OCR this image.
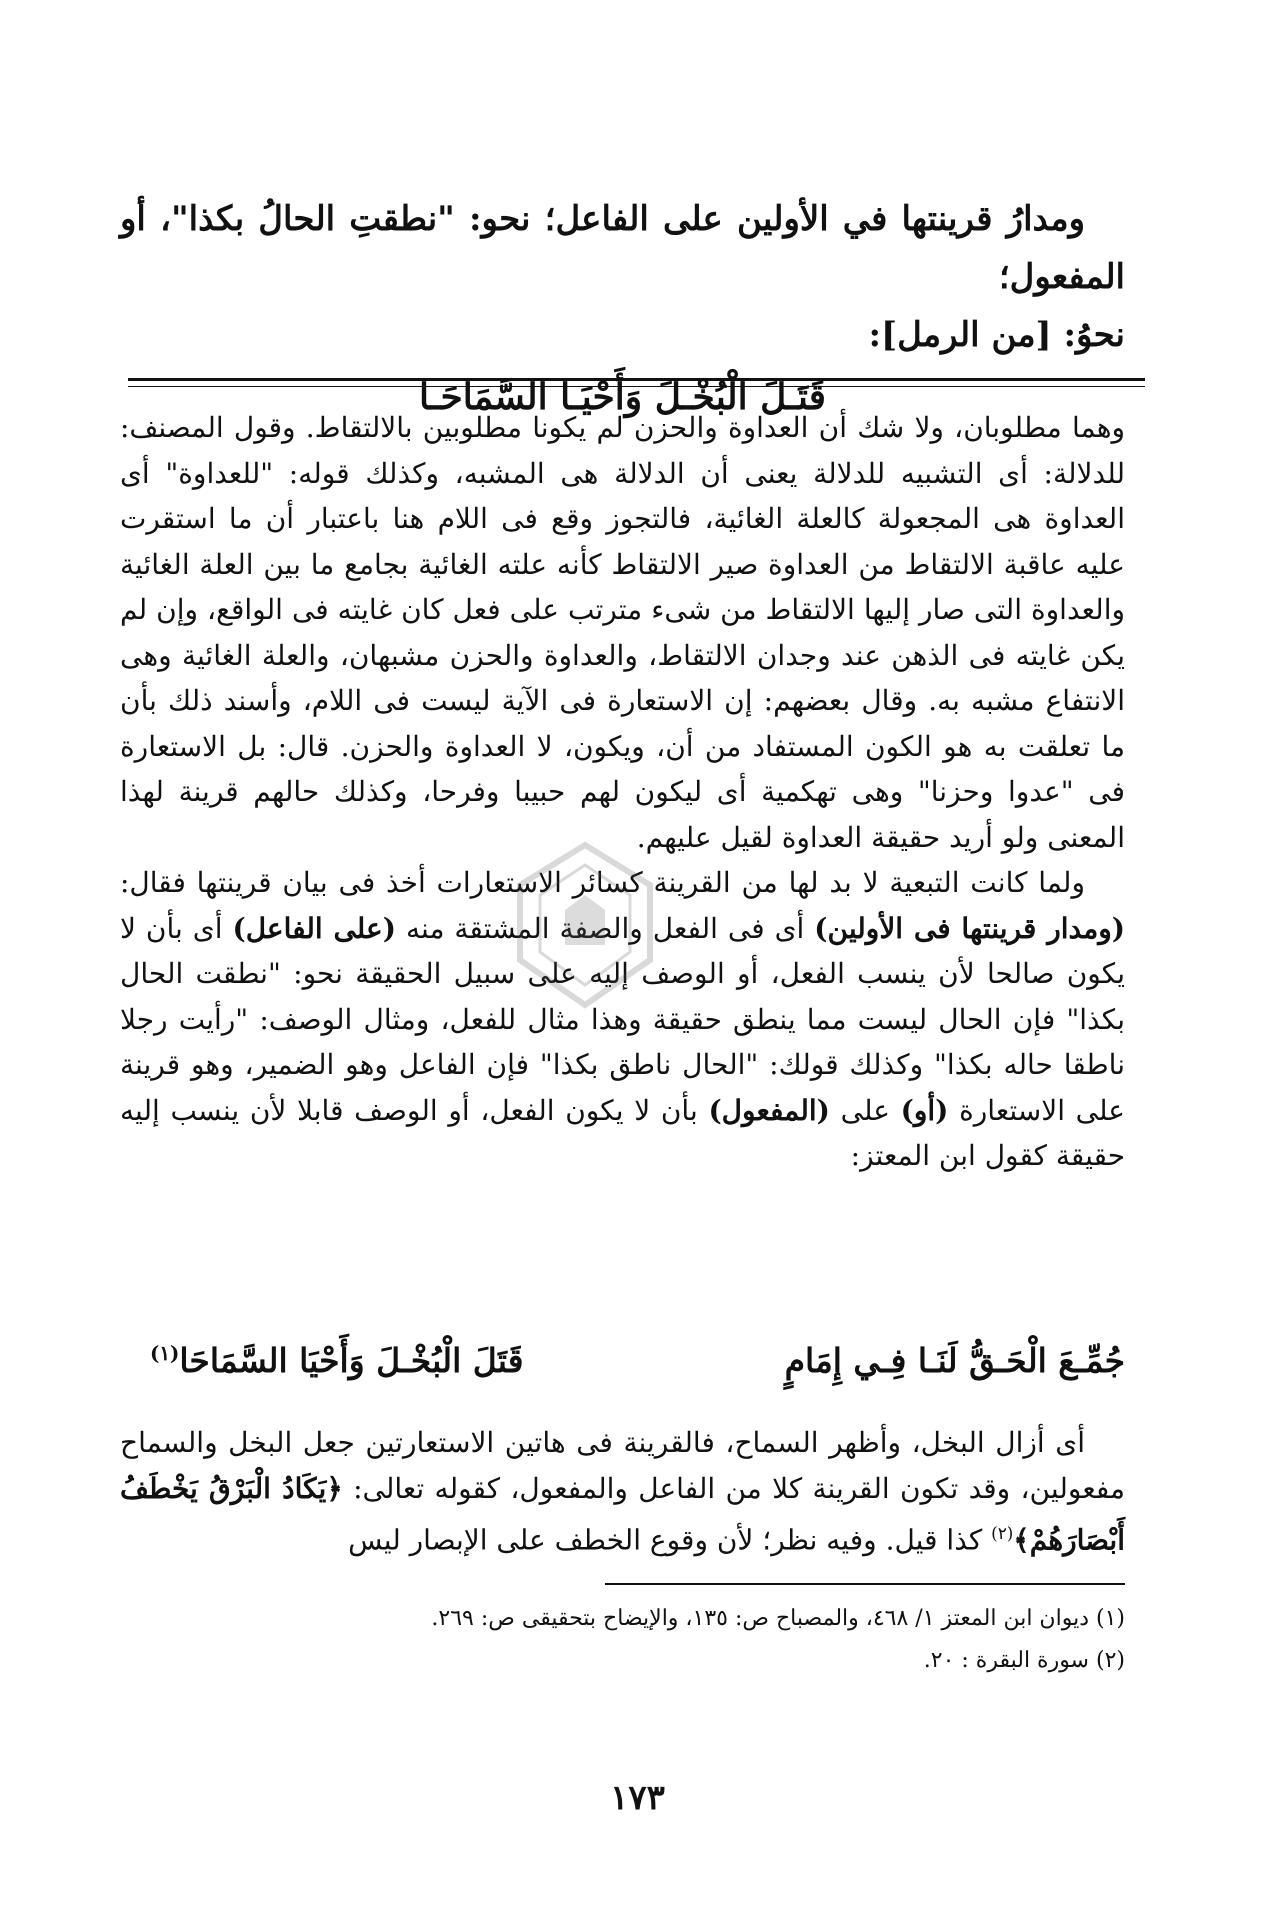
ومدارُ قرينتها في الأولين على الفاعل؛ نحو: "نطقتِ الحالُ بكذا"، أو المفعول؛

نحوُ: [من الرمل]:

قَتَـلَ الْبُخْـلَ وَأَحْيَـا السَّمَاحَـا

وهما مطلوبان، ولا شك أن العداوة والحزن لم يكونا مطلوبين بالالتقاط. وقول المصنف: للدلالة: أى التشبيه للدلالة يعنى أن الدلالة هى المشبه، وكذلك قوله: "للعداوة" أى العداوة هى المجعولة كالعلة الغائية، فالتجوز وقع فى اللام هنا باعتبار أن ما استقرت عليه عاقبة الالتقاط من العداوة صير الالتقاط كأنه علته الغائية بجامع ما بين العلة الغائية والعداوة التى صار إليها الالتقاط من شىء مترتب على فعل كان غايته فى الواقع، وإن لم يكن غايته فى الذهن عند وجدان الالتقاط، والعداوة والحزن مشبهان، والعلة الغائية وهى الانتفاع مشبه به. وقال بعضهم: إن الاستعارة فى الآية ليست فى اللام، وأسند ذلك بأن ما تعلقت به هو الكون المستفاد من أن، ويكون، لا العداوة والحزن. قال: بل الاستعارة فى "عدوا وحزنا" وهى تهكمية أى ليكون لهم حبيبا وفرحا، وكذلك حالهم قرينة لهذا المعنى ولو أريد حقيقة العداوة لقيل عليهم.

ولما كانت التبعية لا بد لها من القرينة كسائر الاستعارات أخذ فى بيان قرينتها فقال: (ومدار قرينتها فى الأولين) أى فى الفعل والصفة المشتقة منه (على الفاعل) أى بأن لا يكون صالحا لأن ينسب الفعل، أو الوصف إليه على سبيل الحقيقة نحو: "نطقت الحال بكذا" فإن الحال ليست مما ينطق حقيقة وهذا مثال للفعل، ومثال الوصف: "رأيت رجلا ناطقا حاله بكذا" وكذلك قولك: "الحال ناطق بكذا" فإن الفاعل وهو الضمير، وهو قرينة على الاستعارة (أو) على (المفعول) بأن لا يكون الفعل، أو الوصف قابلا لأن ينسب إليه حقيقة كقول ابن المعتز:

جُمِّـعَ الْحَـقُّ لَنَـا فِـي إِمَامٍ
قَتَلَ الْبُخْـلَ وَأَحْيَا السَّمَاحَا$^{(١)}$

أى أزال البخل، وأظهر السماح، فالقرينة فى هاتين الاستعارتين جعل البخل والسماح مفعولين، وقد تكون القرينة كلا من الفاعل والمفعول، كقوله تعالى: ﴿يَكَادُ الْبَرْقُ يَخْطَفُ أَبْصَارَهُمْ﴾$^{(٢)}$ كذا قيل. وفيه نظر؛ لأن وقوع الخطف على الإبصار ليس

(١) ديوان ابن المعتز ١/ ٤٦٨، والمصباح ص: ١٣٥، والإيضاح بتحقيقى ص: ٢٦٩.

(٢) سورة البقرة : ٢٠.

١٧٣
